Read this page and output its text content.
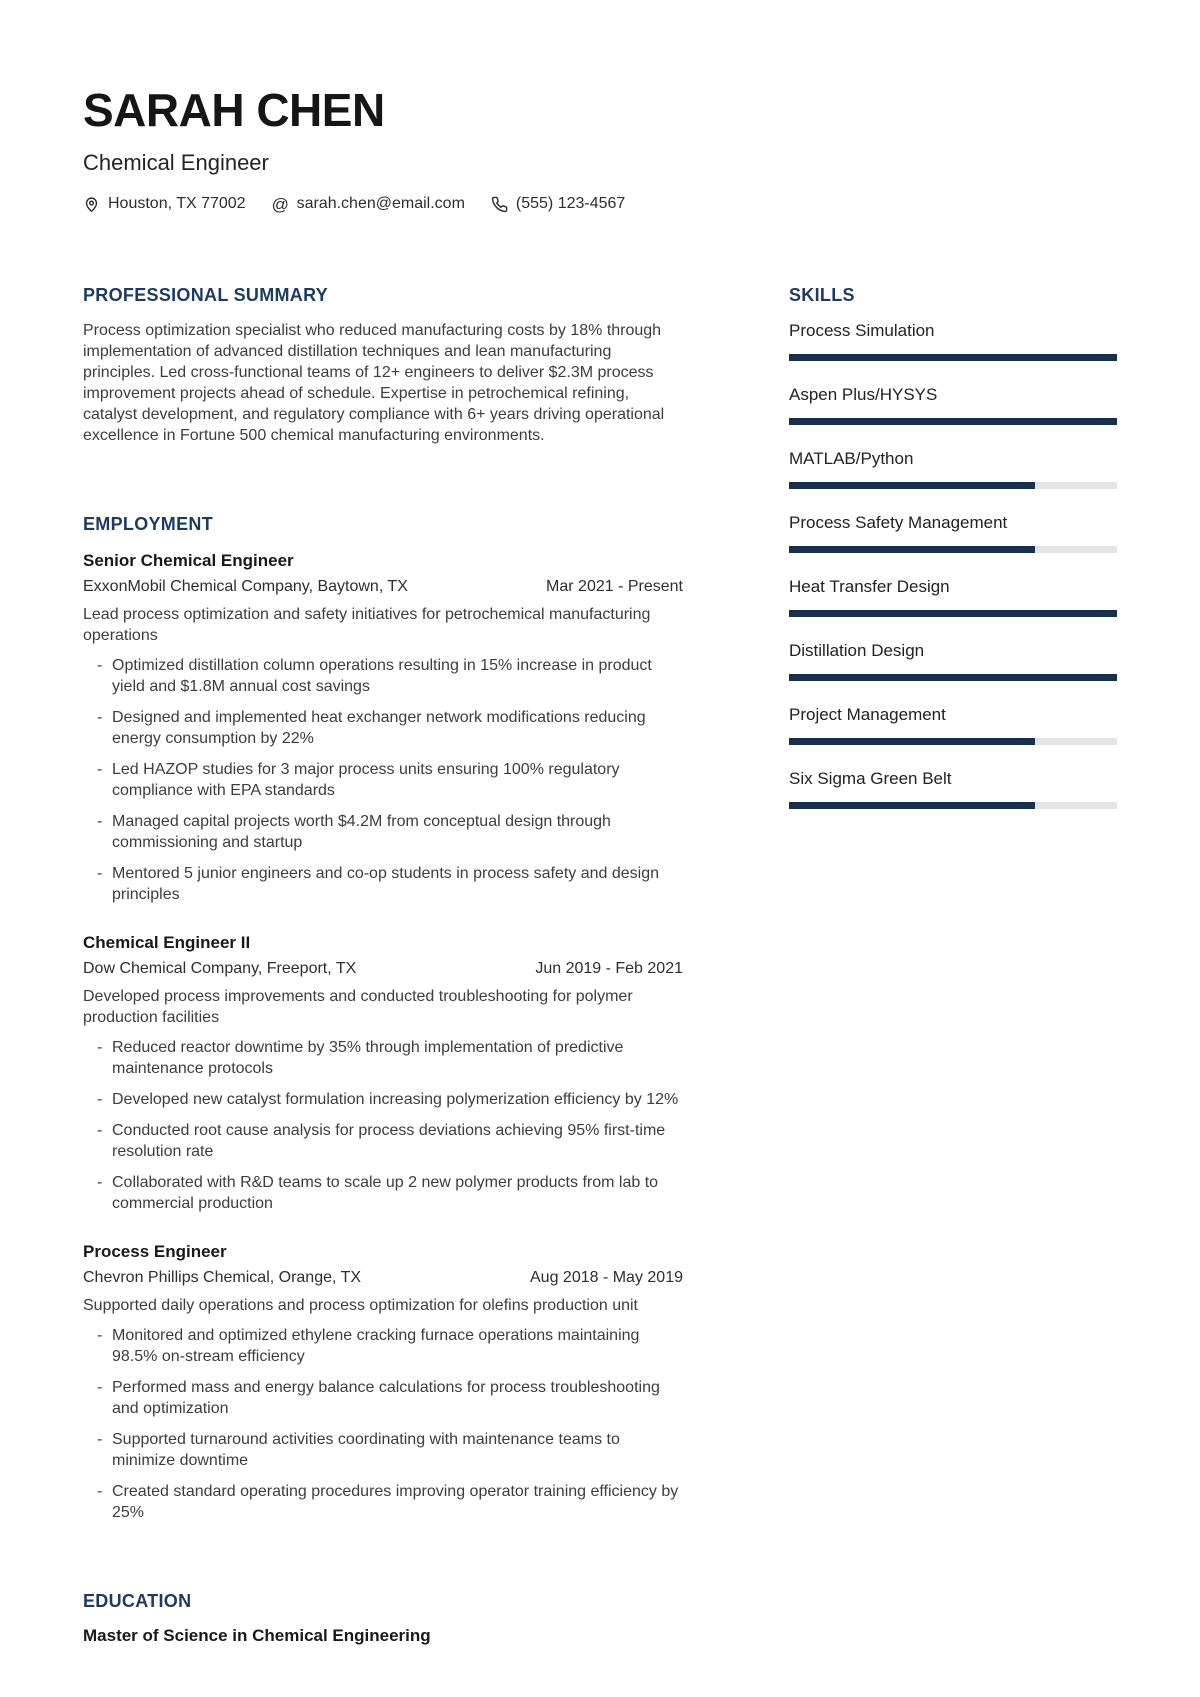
SARAH CHEN
Chemical Engineer
Houston, TX 77002 @ sarah.chen@email.com	(555) 123-4567
PROFESSIONAL SUMMARY

Process optimization specialist who reduced manufacturing costs by 18% through implementation of advanced distillation techniques and lean manufacturing principles. Led cross-functional teams of 12+ engineers to deliver $2.3M process improvement projects ahead of schedule. Expertise in petrochemical refining, catalyst development, and regulatory compliance with 6+ years driving operational excellence in Fortune 500 chemical manufacturing environments.

EMPLOYMENT
Senior Chemical Engineer
ExxonMobil Chemical Company, Baytown, TX	Mar 2021 - Present

Lead process optimization and safety initiatives for petrochemical manufacturing operations

-
Optimized distillation column operations resulting in 15% increase in product yield and $1.8M annual cost savings
-
Designed and implemented heat exchanger network modifications reducing energy consumption by 22%
-
Led HAZOP studies for 3 major process units ensuring 100% regulatory compliance with EPA standards
-
Managed capital projects worth $4.2M from conceptual design through commissioning and startup
-
Mentored 5 junior engineers and co-op students in process safety and design principles
Chemical Engineer II
Dow Chemical Company, Freeport, TX	Jun 2019 - Feb 2021

Developed process improvements and conducted troubleshooting for polymer production facilities

-
Reduced reactor downtime by 35% through implementation of predictive maintenance protocols
-
Developed new catalyst formulation increasing polymerization efficiency by 12%
-
Conducted root cause analysis for process deviations achieving 95% first-time resolution rate
-
Collaborated with R&D teams to scale up 2 new polymer products from lab to commercial production
Process Engineer
Chevron Phillips Chemical, Orange, TX	Aug 2018 - May 2019

Supported daily operations and process optimization for olefins production unit

-
Monitored and optimized ethylene cracking furnace operations maintaining 98.5% on-stream efficiency
-
Performed mass and energy balance calculations for process troubleshooting and optimization
-
Supported turnaround activities coordinating with maintenance teams to minimize downtime
-
Created standard operating procedures improving operator training efficiency by 25%
EDUCATION
Master of Science in Chemical Engineering
SKILLS
Process Simulation
Aspen Plus/HYSYS
MATLAB/Python
Process Safety Management
Heat Transfer Design
Distillation Design
Project Management
Six Sigma Green Belt
